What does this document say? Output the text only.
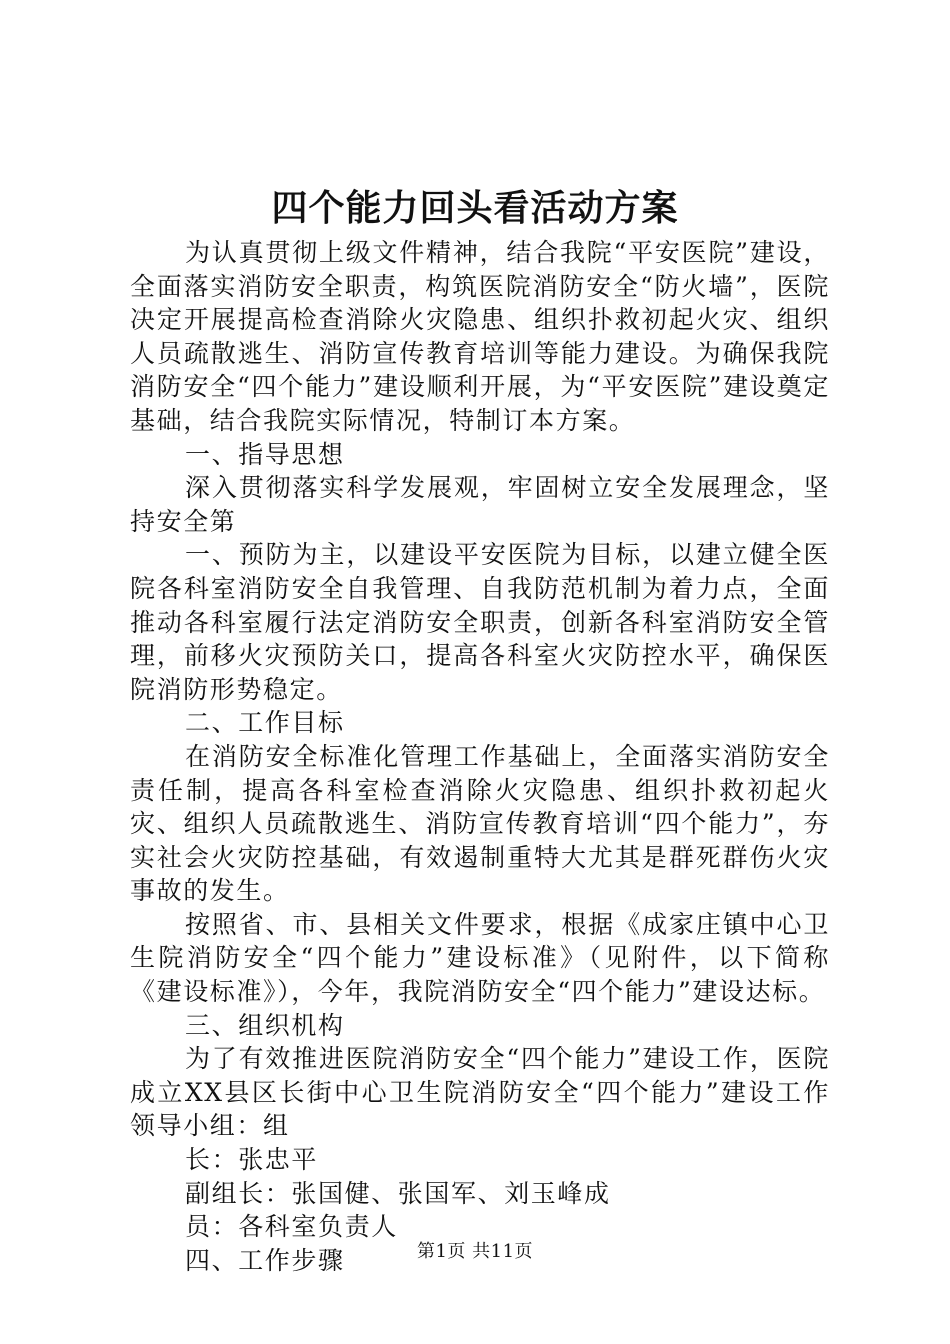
四个能力回头看活动方案

为认真贯彻上级文件精神，结合我院“平安医院”建设，全面落实消防安全职责，构筑医院消防安全“防火墙”，医院决定开展提高检查消除火灾隐患、组织扑救初起火灾、组织人员疏散逃生、消防宣传教育培训等能力建设。为确保我院消防安全“四个能力”建设顺利开展，为“平安医院”建设奠定基础，结合我院实际情况，特制订本方案。

一、指导思想

深入贯彻落实科学发展观，牢固树立安全发展理念，坚持安全第

一、预防为主，以建设平安医院为目标，以建立健全医院各科室消防安全自我管理、自我防范机制为着力点，全面推动各科室履行法定消防安全职责，创新各科室消防安全管理，前移火灾预防关口，提高各科室火灾防控水平，确保医院消防形势稳定。

二、工作目标

在消防安全标准化管理工作基础上，全面落实消防安全责任制，提高各科室检查消除火灾隐患、组织扑救初起火灾、组织人员疏散逃生、消防宣传教育培训“四个能力”，夯实社会火灾防控基础，有效遏制重特大尤其是群死群伤火灾事故的发生。

按照省、市、县相关文件要求，根据《成家庄镇中心卫生院消防安全“四个能力”建设标准》（见附件，以下简称《建设标准》），今年，我院消防安全“四个能力”建设达标。

三、组织机构

为了有效推进医院消防安全“四个能力”建设工作，医院成立XX县区长街中心卫生院消防安全“四个能力”建设工作领导小组：组

长：张忠平

副组长：张国健、张国军、刘玉峰成

员：各科室负责人

四、工作步骤	第1页 共11页
